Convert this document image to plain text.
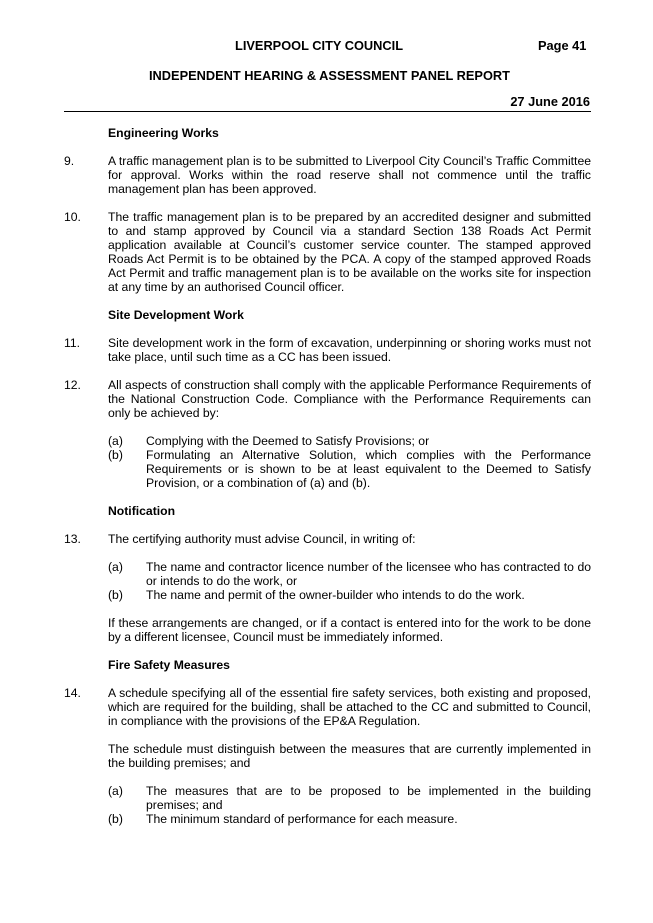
LIVERPOOL CITY COUNCIL	Page 41
INDEPENDENT HEARING & ASSESSMENT PANEL REPORT
27 June 2016
Engineering Works
9.	A traffic management plan is to be submitted to Liverpool City Council’s Traffic Committee for approval. Works within the road reserve shall not commence until the traffic management plan has been approved.
10.	The traffic management plan is to be prepared by an accredited designer and submitted to and stamp approved by Council via a standard Section 138 Roads Act Permit application available at Council’s customer service counter. The stamped approved Roads Act Permit is to be obtained by the PCA. A copy of the stamped approved Roads Act Permit and traffic management plan is to be available on the works site for inspection at any time by an authorised Council officer.
Site Development Work
11.	Site development work in the form of excavation, underpinning or shoring works must not take place, until such time as a CC has been issued.
12.	All aspects of construction shall comply with the applicable Performance Requirements of the National Construction Code. Compliance with the Performance Requirements can only be achieved by:
(a)	Complying with the Deemed to Satisfy Provisions; or
(b)	Formulating an Alternative Solution, which complies with the Performance Requirements or is shown to be at least equivalent to the Deemed to Satisfy Provision, or a combination of (a) and (b).
Notification
13.	The certifying authority must advise Council, in writing of:
(a)	The name and contractor licence number of the licensee who has contracted to do or intends to do the work, or
(b)	The name and permit of the owner-builder who intends to do the work.
If these arrangements are changed, or if a contact is entered into for the work to be done by a different licensee, Council must be immediately informed.
Fire Safety Measures
14.	A schedule specifying all of the essential fire safety services, both existing and proposed, which are required for the building, shall be attached to the CC and submitted to Council, in compliance with the provisions of the EP&A Regulation.
The schedule must distinguish between the measures that are currently implemented in the building premises; and
(a)	The measures that are to be proposed to be implemented in the building premises; and
(b)	The minimum standard of performance for each measure.
